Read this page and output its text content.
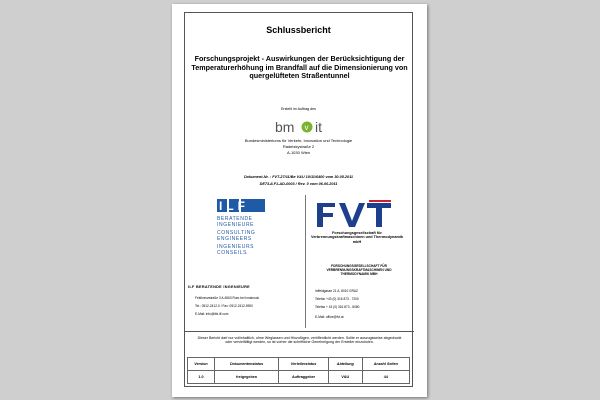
Schlussbericht
Forschungsprojekt - Auswirkungen der Berücksichtigung der Temperaturerhöhung im Brandfall auf die Dimensionierung von quergelüfteten Straßentunnel
Erstellt im Auftrag des
bm v it
Bundesministeriums für Verkehr, Innovation und Technologie
Radetzkystraße 2
A-1030 Wien
Dokument-Nr. : FVT-27/11/Be V&U 10/11/6400 vom 30.05.2011
DE73-ILF1-AD-0003 / Rev. 0 vom 06.06.2011
ILF
BERATENDE
INGENIEURE
CONSULTING
ENGINEERS
INGENIEURS
CONSEILS
ILF BERATENDE INGENIEURE
Feldkreuzstraße 3 A-6063 Rum bei Innsbruck
Tel.: 0512-2412-0 / Fax: 0512-2412-5900
E-Mail: info@ibk.ilf.com
FVT
Forschungsgesellschaft für Verbrennungskraftmaschinen und Thermodynamik mbH
FORSCHUNGSGESELLSCHAFT FÜR VERBRENNUNGSKRAFTMASCHINEN UND THERMODYNAMIK MBH
Inffeldgasse 21 A, 8010 GRAZ
Telefon +43 (0) 316 873 - 7200
Telefax + 43 (0) 316 873 - 8080
E-Mail: office@fvt.at
Dieser Bericht darf nur vollinhaltlich, ohne Weglassen und Hinzufügen, veröffentlicht werden. Sollte er auszugsweise abgedruckt oder vervielfältigt werden, so ist vorher die schriftliche Genehmigung der Ersteller einzuholen.
Version	Dokumentenstatus	Verteilerstatus	Abteilung	Anzahl Seiten
1.0	freigegeben	Auftraggeber	V&U	44
